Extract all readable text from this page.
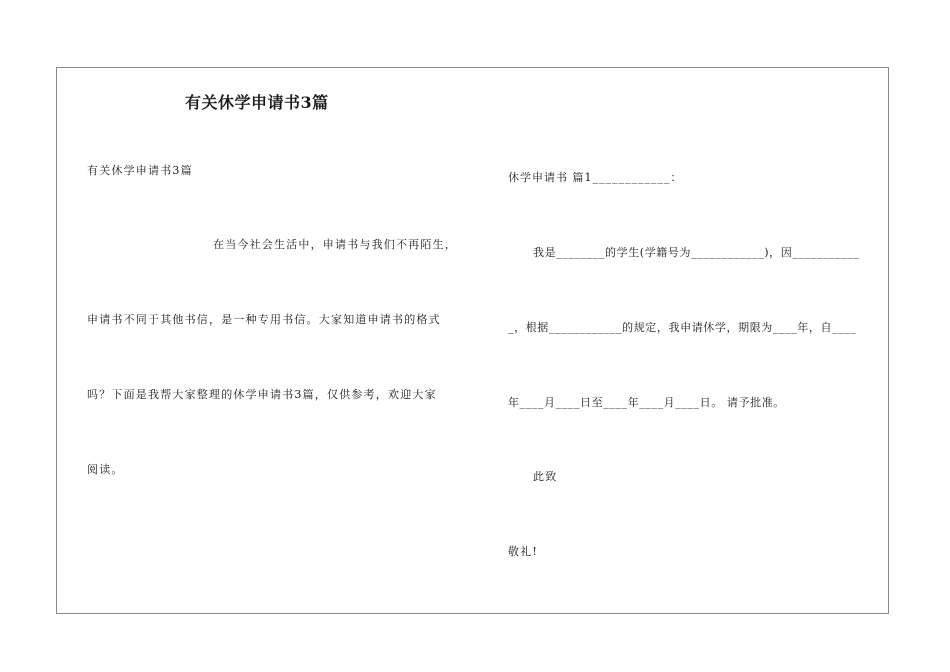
有关休学申请书3篇
有关休学申请书3篇
在当今社会生活中，申请书与我们不再陌生，
申请书不同于其他书信，是一种专用书信。大家知道申请书的格式
吗？下面是我帮大家整理的休学申请书3篇，仅供参考，欢迎大家
阅读。
休学申请书 篇1____________：
我是________的学生(学籍号为____________)，因___________
_，根据____________的规定，我申请休学，期限为____年，自____
年____月____日至____年____月____日。 请予批准。
此致
敬礼!
